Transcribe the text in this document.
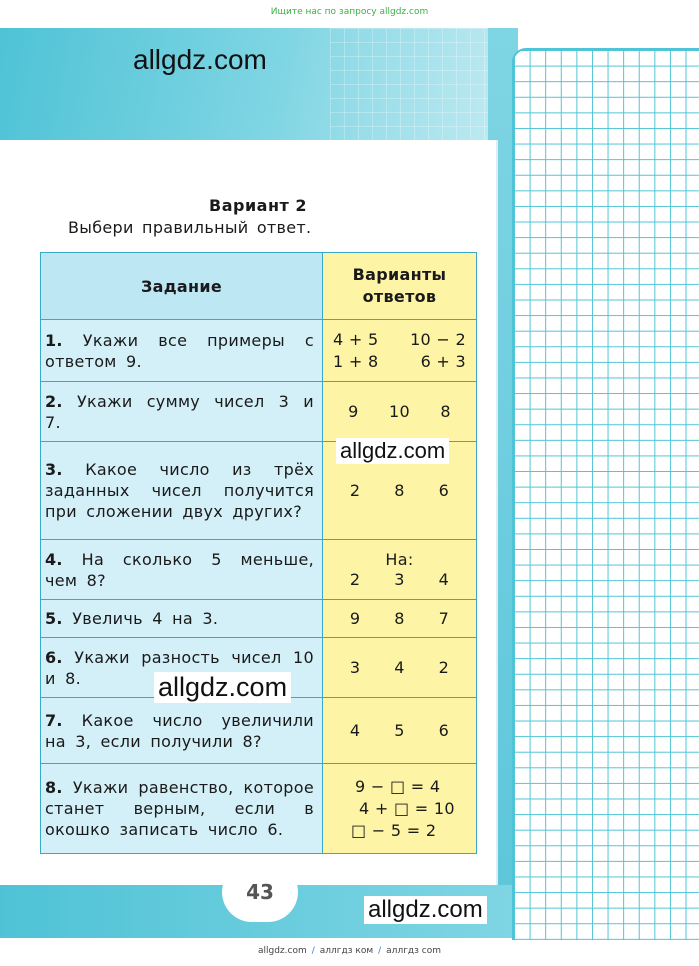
Ищите нас по запросу allgdz.com
43
Вариант 2
Выбери правильный ответ.
Задание	Варианты ответов
1. Укажи все примеры с ответом 9.	4 + 5 10 − 2
1 + 8 6 + 3

2. Укажи сумму чисел 3 и 7.	9 10 8

3. Какое число из трёх заданных чисел получится при сложении двух других?	2 8 6

4. На сколько 5 меньше, чем 8?	На:
2 3 4

5. Увеличь 4 на 3.	9 8 7

6. Укажи разность чисел 10 и 8.	3 4 2

7. Какое число увеличили на 3, если получили 8?	4 5 6

8. Укажи равенство, которое станет верным, если в окошко записать число 6.	9 − □ = 4
4 + □ = 10
□ − 5 = 2
allgdz.com
allgdz.com
allgdz.com
allgdz.com
allgdz.com / аллгдз ком / аллгдз com
